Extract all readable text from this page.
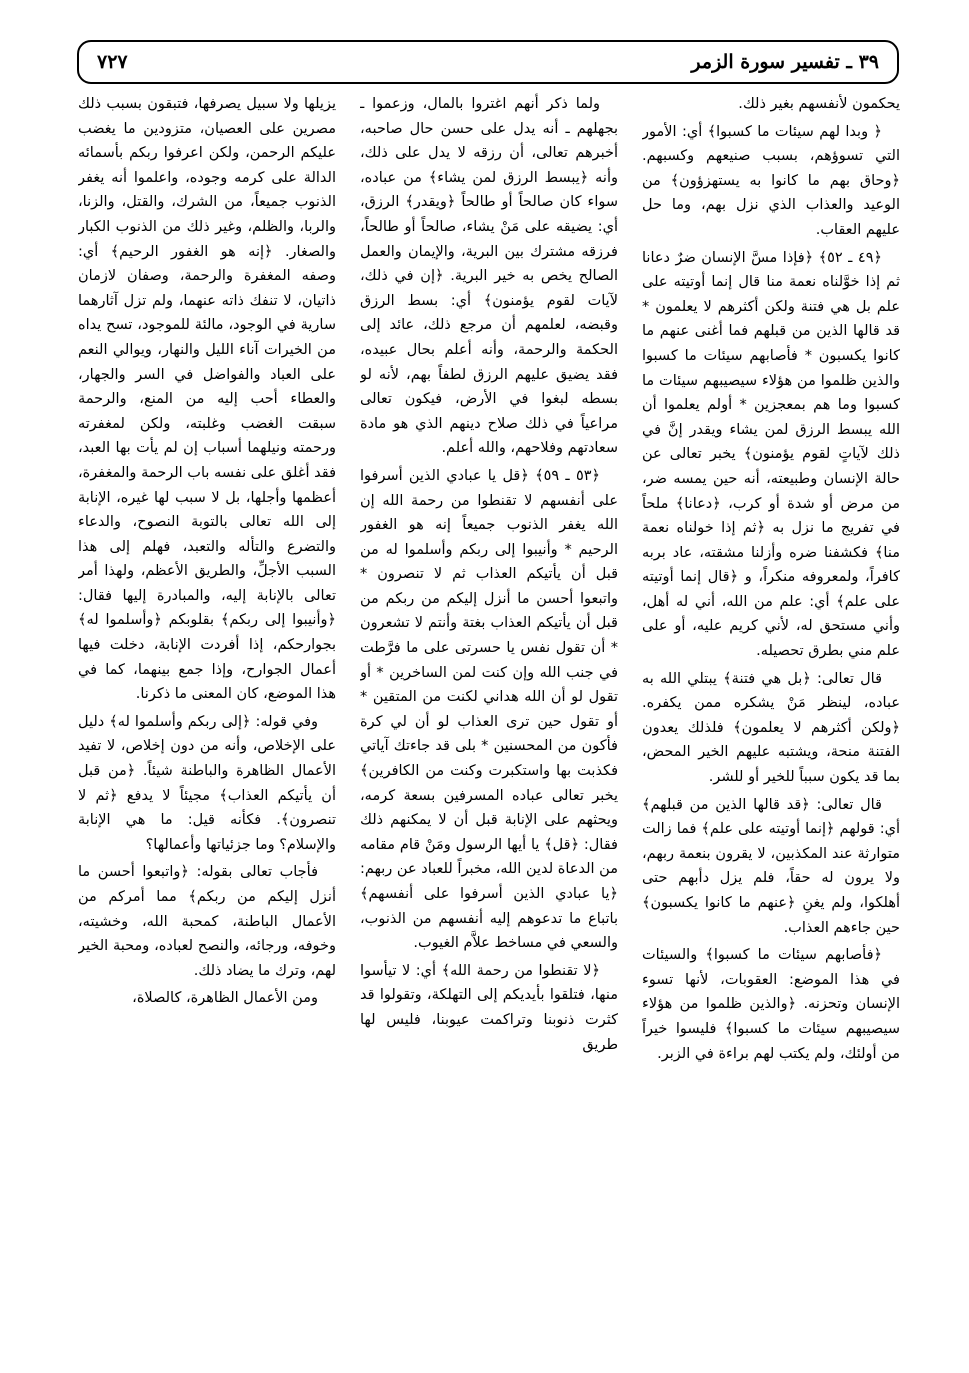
٣٩ ـ تفسير سورة الزمر
٧٢٧

يحكمون لأنفسهم بغير ذلك.

﴿ وبدا لهم سيئات ما كسبوا﴾ أي: الأمور التي تسوؤهم، بسبب صنيعهم وكسبهم. ﴿وحاق بهم ما كانوا به يستهزؤون﴾ من الوعيد والعذاب الذي نزل بهم، وما حل عليهم العقاب.

﴿٤٩ ـ ٥٢﴾ ﴿فإذا مسَّ الإنسان ضرٌ دعانا ثم إذا خوَّلناه نعمة منا قال إنما أوتيته على علم بل هي فتنة ولكن أكثرهم لا يعلمون * قد قالها الذين من قبلهم فما أغنى عنهم ما كانوا يكسبون * فأصابهم سيئات ما كسبوا والذين ظلموا من هؤلاء سيصيبهم سيئات ما كسبوا وما هم بمعجزين * أولم يعلموا أن الله يبسط الرزق لمن يشاء ويقدر إنَّ في ذلك لآياتٍ لقوم يؤمنون﴾ يخبر تعالى عن حالة الإنسان وطبيعته، أنه حين يمسه ضر، من مرض أو شدة أو كرب، ﴿دعانا﴾ ملحاً في تفريج ما نزل به ﴿ثم إذا خولناه نعمة منا﴾ فكشفنا ضره وأزلنا مشقته، عاد بربه كافراً، ولمعروفه منكراً، و ﴿قال إنما أوتيته على علم﴾ أي: علم من الله، أني له أهل، وأني مستحق له، لأني كريم عليه، أو على علم مني بطرق تحصيله.

قال تعالى: ﴿بل هي فتنة﴾ يبتلي الله به عباده، لينظر مَنْ يشكره ممن يكفره. ﴿ولكن أكثرهم لا يعلمون﴾ فلذلك يعدون الفتنة منحة، ويشتبه عليهم الخير المحض، بما قد يكون سبباً للخير أو للشر.

قال تعالى: ﴿قد قالها الذين من قبلهم﴾ أي: قولهم ﴿إنما أوتيته على علم﴾ فما زالت متوارثة عند المكذبين، لا يقرون بنعمة ربهم، ولا يرون له حقاً، فلم يزل دأبهم حتى أهلكوا، ولم يغنِ ﴿عنهم ما كانوا يكسبون﴾ حين جاءهم العذاب.

﴿فأصابهم سيئات ما كسبوا﴾ والسيئات في هذا الموضع: العقوبات، لأنها تسوء الإنسان وتحزنه. ﴿والذين ظلموا من هؤلاء سيصيبهم سيئات ما كسبوا﴾ فليسوا خيراً من أولئك، ولم يكتب لهم براءة في الزبر.

ولما ذكر أنهم اغتروا بالمال، وزعموا ـ بجهلهم ـ أنه يدل على حسن حال صاحبه، أخبرهم تعالى، أن رزقه لا يدل على ذلك، وأنه ﴿يبسط الرزق لمن يشاء﴾ من عباده، سواء كان صالحاً أو طالحاً ﴿ويقدر﴾ الرزق، أي: يضيقه على مَنْ يشاء، صالحاً أو طالحاً، فرزقه مشترك بين البرية، والإيمان والعمل الصالح يخص به خير البرية. ﴿إن في ذلك، لآيات لقوم يؤمنون﴾ أي: بسط الرزق وقبضه، لعلمهم أن مرجع ذلك، عائد إلى الحكمة والرحمة، وأنه أعلم بحال عبيده، فقد يضيق عليهم الرزق لطفاً بهم، لأنه لو بسطه لبغوا في الأرض، فيكون تعالى مراعياً في ذلك صلاح دينهم الذي هو مادة سعادتهم وفلاحهم، والله أعلم.

﴿٥٣ ـ ٥٩﴾ ﴿قل يا عبادي الذين أسرفوا على أنفسهم لا تقنطوا من رحمة الله إن الله يغفر الذنوب جميعاً إنه هو الغفور الرحيم * وأنيبوا إلى ربكم وأسلموا له من قبل أن يأتيكم العذاب ثم لا تنصرون * واتبعوا أحسن ما أنزل إليكم من ربكم من قبل أن يأتيكم العذاب بغتة وأنتم لا تشعرون * أن تقول نفس يا حسرتى على ما فرَّطت في جنب الله وإن كنت لمن الساخرين * أو تقول لو أن الله هداني لكنت من المتقين * أو تقول حين ترى العذاب لو أن لي كرة فأكون من المحسنين * بلى قد جاءتك آياتي فكذبت بها واستكبرت وكنت من الكافرين﴾ يخبر تعالى عباده المسرفين بسعة كرمه، ويحثهم على الإنابة قبل أن لا يمكنهم ذلك فقال: ﴿قل﴾ يا أيها الرسول ومَنْ قام مقامه من الدعاة لدين الله، مخبراً للعباد عن ربهم: ﴿يا عبادي الذين أسرفوا على أنفسهم﴾ باتباع ما تدعوهم إليه أنفسهم من الذنوب، والسعي في مساخط علاَّم الغيوب.

﴿لا تقنطوا من رحمة الله﴾ أي: لا تيأسوا منها، فتلقوا بأيديكم إلى التهلكة، وتقولوا قد كثرت ذنوبنا وتراكمت عيوبنا، فليس لها طريق

يزيلها ولا سبيل يصرفها، فتبقون بسبب ذلك مصرين على العصيان، متزودين ما يغضب عليكم الرحمن، ولكن اعرفوا ربكم بأسمائه الدالة على كرمه وجوده، واعلموا أنه يغفر الذنوب جميعاً، من الشرك، والقتل، والزنا، والربا، والظلم، وغير ذلك من الذنوب الكبار والصغار. ﴿إنه هو الغفور الرحيم﴾ أي: وصفه المغفرة والرحمة، وصفان لازمان ذاتيان، لا تنفك ذاته عنهما، ولم تزل آثارهما سارية في الوجود، مالئة للموجود، تسح يداه من الخيرات آناء الليل والنهار، ويوالي النعم على العباد والفواضل في السر والجهار، والعطاء أحب إليه من المنع، والرحمة سبقت الغضب وغلبته، ولكن لمغفرته ورحمته ونيلهما أسباب إن لم يأت بها العبد، فقد أغلق على نفسه باب الرحمة والمغفرة، أعظمها وأجلها، بل لا سبب لها غيره، الإنابة إلى الله تعالى بالتوبة النصوح، والدعاء والتضرع والتأله والتعبد، فهلم إلى هذا السبب الأجلِّ، والطريق الأعظم، ولهذا أمر تعالى بالإنابة إليه، والمبادرة إليها فقال: ﴿وأنيبوا إلى ربكم﴾ بقلوبكم ﴿وأسلموا له﴾ بجوارحكم، إذا أفردت الإنابة، دخلت فيها أعمال الجوارح، وإذا جمع بينهما، كما في هذا الموضع، كان المعنى ما ذكرنا.

وفي قوله: ﴿إلى ربكم وأسلموا له﴾ دليل على الإخلاص، وأنه من دون إخلاص، لا تفيد الأعمال الظاهرة والباطنة شيئاً. ﴿من قبل أن يأتيكم العذاب﴾ مجيئاً لا يدفع ﴿ثم لا تنصرون﴾. فكأنه قيل: ما هي الإنابة والإسلام؟ وما جزئياتها وأعمالها؟

فأجاب تعالى بقوله: ﴿واتبعوا أحسن ما أنزل إليكم من ربكم﴾ مما أمركم من الأعمال الباطنة، كمحبة الله، وخشيته، وخوفه، ورجائه، والنصح لعباده، ومحبة الخير لهم، وترك ما يضاد ذلك.

ومن الأعمال الظاهرة، كالصلاة،
